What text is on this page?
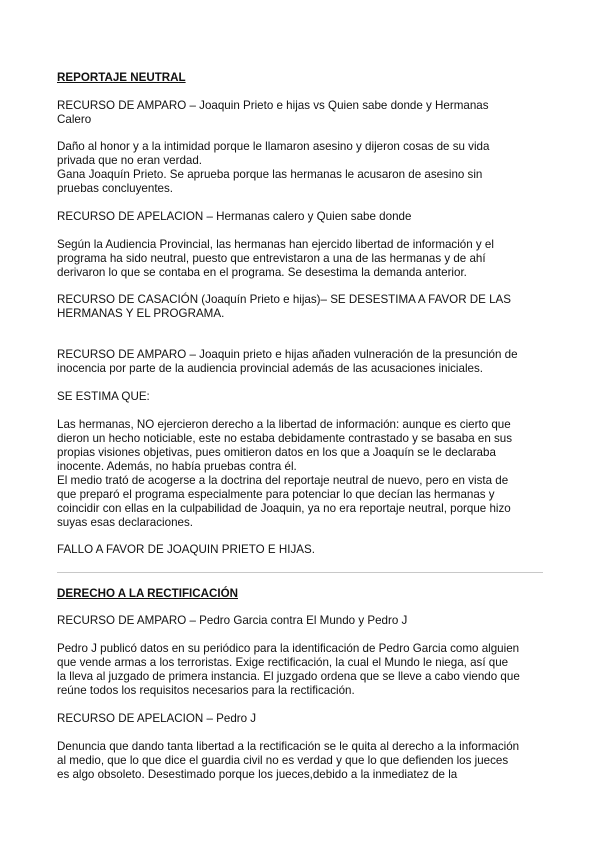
REPORTAJE NEUTRAL
RECURSO DE AMPARO – Joaquin Prieto e hijas vs Quien sabe donde y Hermanas
Calero
Daño al honor y a la intimidad porque le llamaron asesino y dijeron cosas de su vida
privada que no eran verdad.
Gana Joaquín Prieto. Se aprueba porque las hermanas le acusaron de asesino sin
pruebas concluyentes.
RECURSO DE APELACION – Hermanas calero y Quien sabe donde
Según la Audiencia Provincial, las hermanas han ejercido libertad de información y el
programa ha sido neutral, puesto que entrevistaron a una de las hermanas y de ahí
derivaron lo que se contaba en el programa. Se desestima la demanda anterior.
RECURSO DE CASACIÓN (Joaquín Prieto e hijas)– SE DESESTIMA A FAVOR DE LAS
HERMANAS Y EL PROGRAMA.
RECURSO DE AMPARO – Joaquin prieto e hijas añaden vulneración de la presunción de
inocencia por parte de la audiencia provincial además de las acusaciones iniciales.
SE ESTIMA QUE:
Las hermanas, NO ejercieron derecho a la libertad de información: aunque es cierto que
dieron un hecho noticiable, este no estaba debidamente contrastado y se basaba en sus
propias visiones objetivas, pues omitieron datos en los que a Joaquín se le declaraba
inocente. Además, no había pruebas contra él.
El medio trató de acogerse a la doctrina del reportaje neutral de nuevo, pero en vista de
que preparó el programa especialmente para potenciar lo que decían las hermanas y
coincidir con ellas en la culpabilidad de Joaquin, ya no era reportaje neutral, porque hizo
suyas esas declaraciones.
FALLO A FAVOR DE JOAQUIN PRIETO E HIJAS.
DERECHO A LA RECTIFICACIÓN
RECURSO DE AMPARO – Pedro Garcia contra El Mundo y Pedro J
Pedro J publicó datos en su periódico para la identificación de Pedro Garcia como alguien
que vende armas a los terroristas. Exige rectificación, la cual el Mundo le niega, así que
la lleva al juzgado de primera instancia. El juzgado ordena que se lleve a cabo viendo que
reúne todos los requisitos necesarios para la rectificación.
RECURSO DE APELACION – Pedro J
Denuncia que dando tanta libertad a la rectificación se le quita al derecho a la información
al medio, que lo que dice el guardia civil no es verdad y que lo que defienden los jueces
es algo obsoleto. Desestimado porque los jueces,debido a la inmediatez de la
